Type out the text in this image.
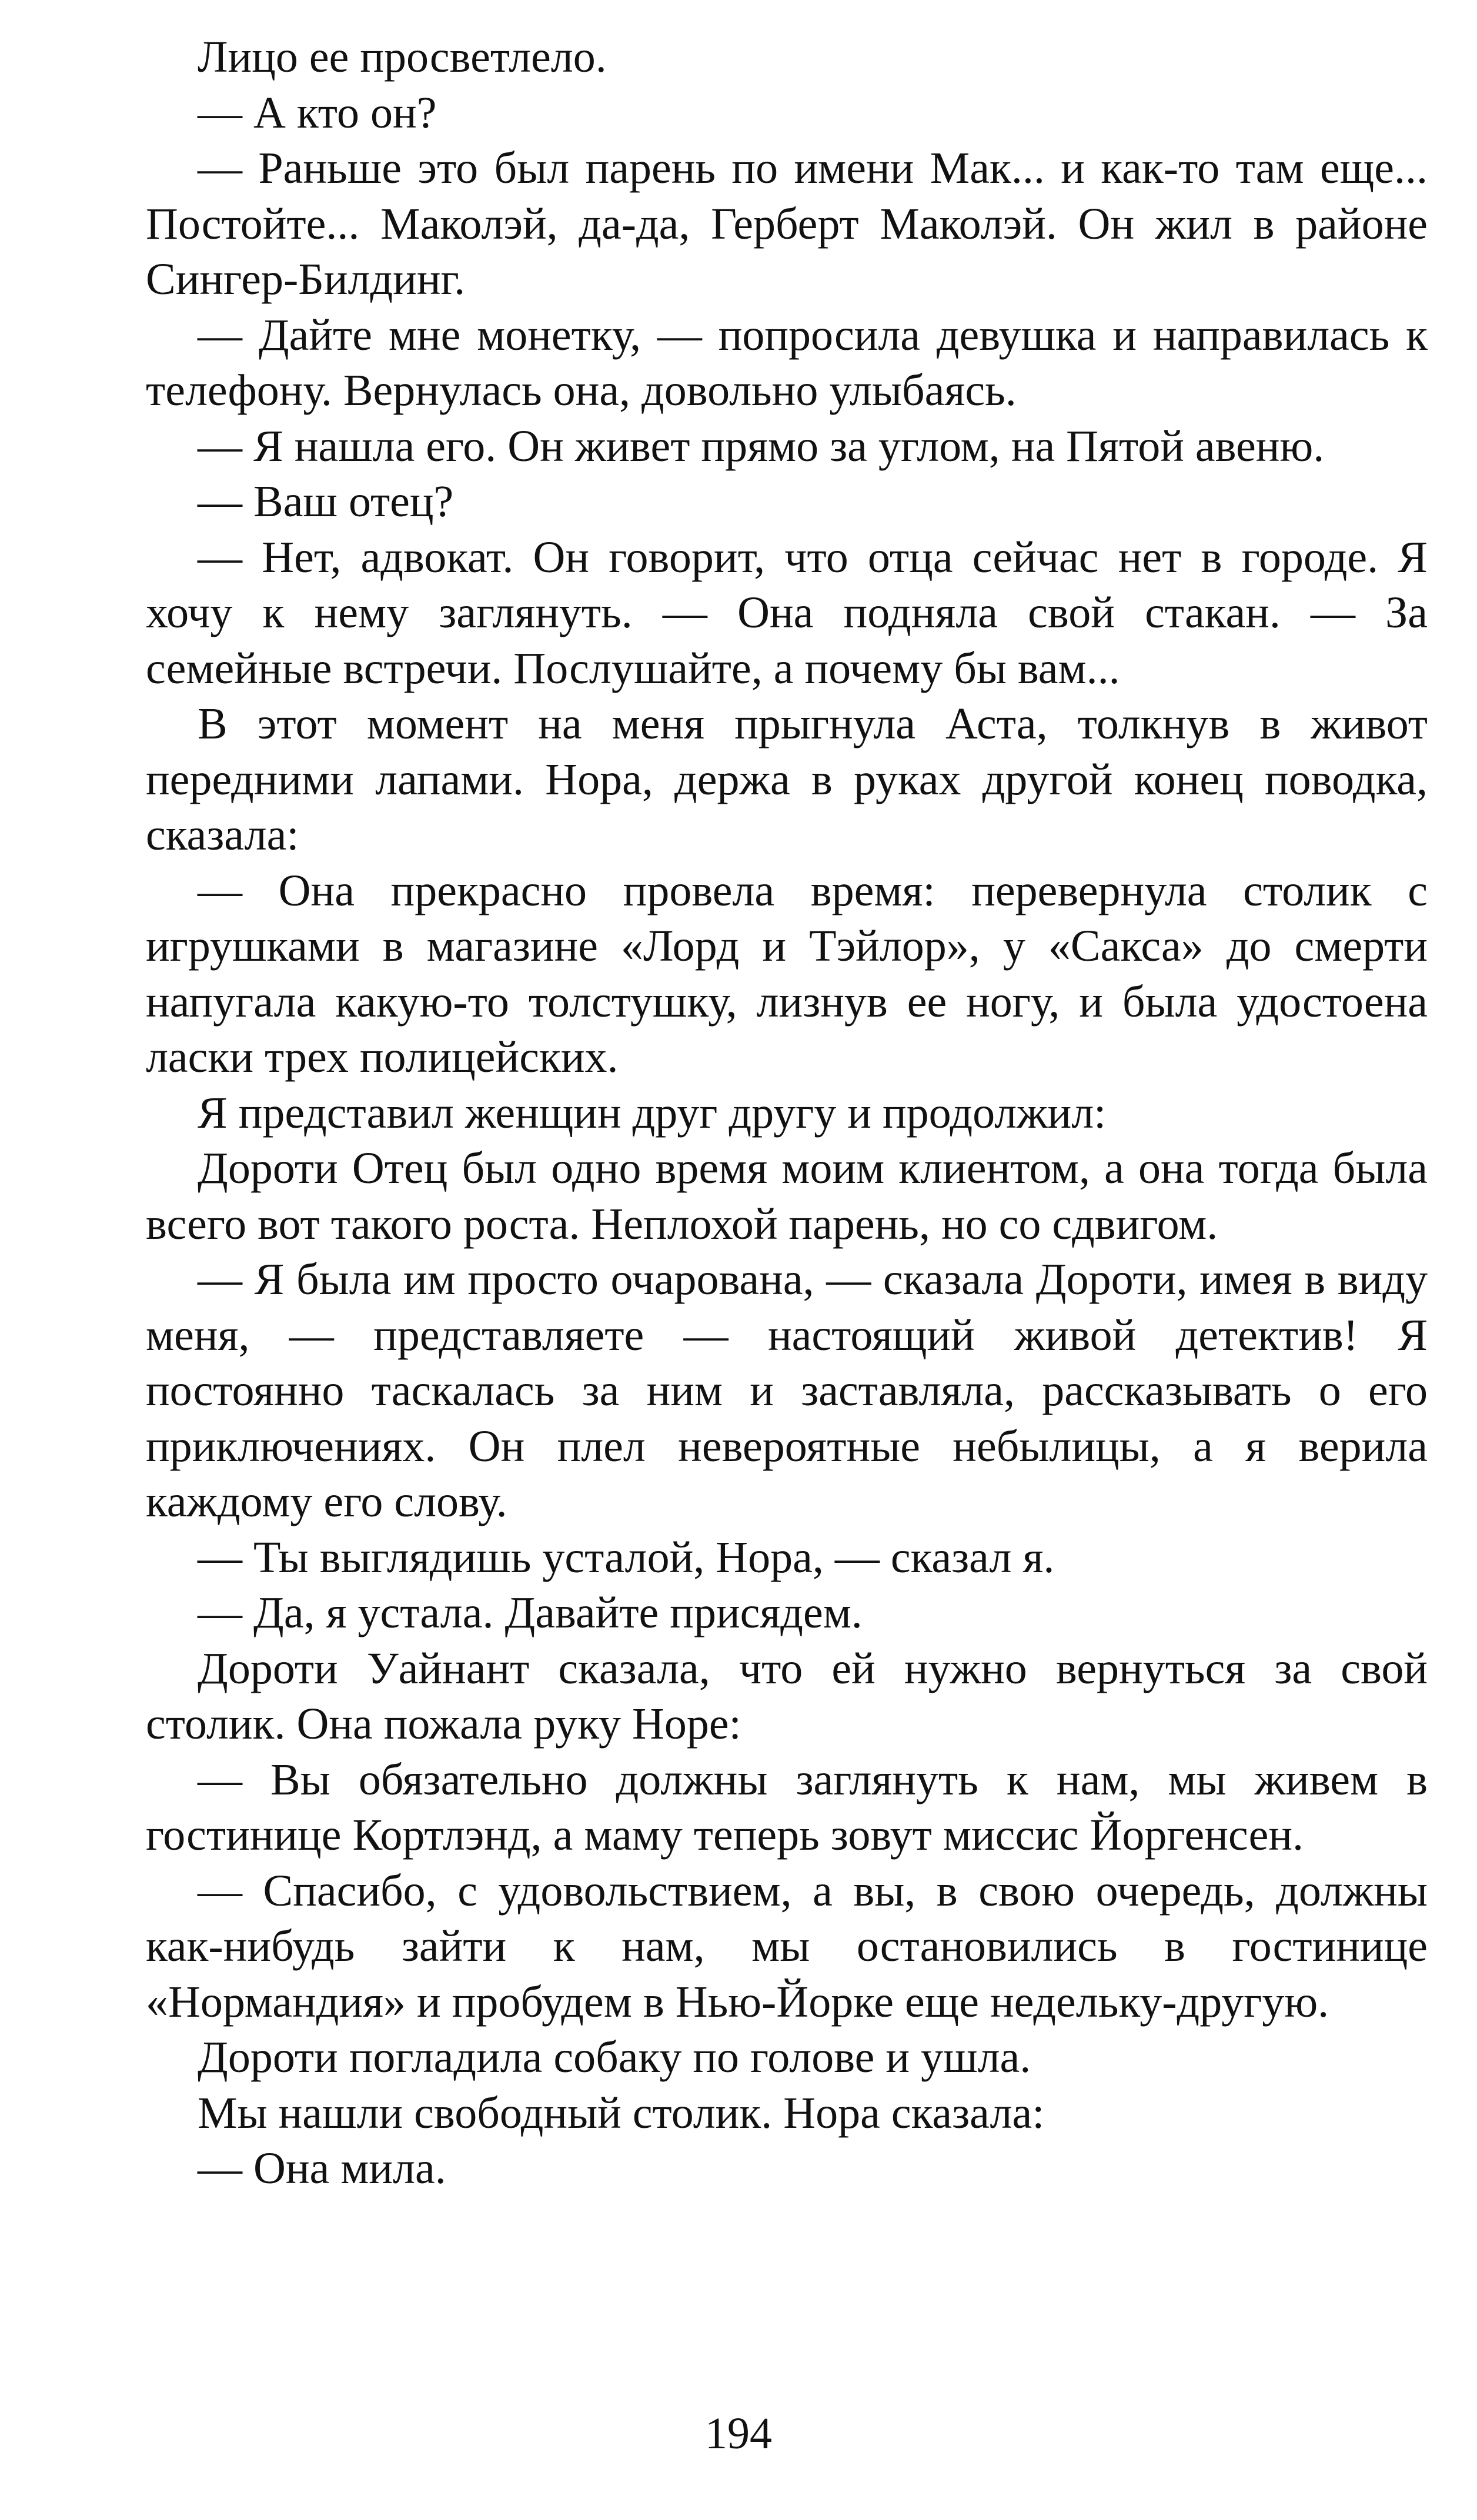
Лицо ее просветлело.

— А кто он?

— Раньше это был парень по имени Мак... и как-то там еще... Постойте... Маколэй, да-да, Герберт Маколэй. Он жил в районе Сингер-Билдинг.

— Дайте мне монетку, — попросила девушка и направилась к телефону. Вернулась она, довольно улыбаясь.

— Я нашла его. Он живет прямо за углом, на Пятой авеню.

— Ваш отец?

— Нет, адвокат. Он говорит, что отца сейчас нет в городе. Я хочу к нему заглянуть. — Она подняла свой стакан. — За семейные встречи. Послушайте, а почему бы вам...

В этот момент на меня прыгнула Аста, толкнув в живот передними лапами. Нора, держа в руках другой конец поводка, сказала:

— Она прекрасно провела время: перевернула столик с игрушками в магазине «Лорд и Тэйлор», у «Сакса» до смерти напугала какую-то толстушку, лизнув ее ногу, и была удостоена ласки трех полицейских.

Я представил женщин друг другу и продолжил:

Дороти Отец был одно время моим клиентом, а она тогда была всего вот такого роста. Неплохой парень, но со сдвигом.

— Я была им просто очарована, — сказала Дороти, имея в виду меня, — представляете — настоящий живой детектив! Я постоянно таскалась за ним и заставляла, рассказывать о его приключениях. Он плел невероятные небылицы, а я верила каждому его слову.

— Ты выглядишь усталой, Нора, — сказал я.

— Да, я устала. Давайте присядем.

Дороти Уайнант сказала, что ей нужно вернуться за свой столик. Она пожала руку Норе:

— Вы обязательно должны заглянуть к нам, мы живем в гостинице Кортлэнд, а маму теперь зовут миссис Йоргенсен.

— Спасибо, с удовольствием, а вы, в свою очередь, должны как-нибудь зайти к нам, мы остановились в гостинице «Нормандия» и пробудем в Нью-Йорке еще недельку-другую.

Дороти погладила собаку по голове и ушла.

Мы нашли свободный столик. Нора сказала:

— Она мила.

194
